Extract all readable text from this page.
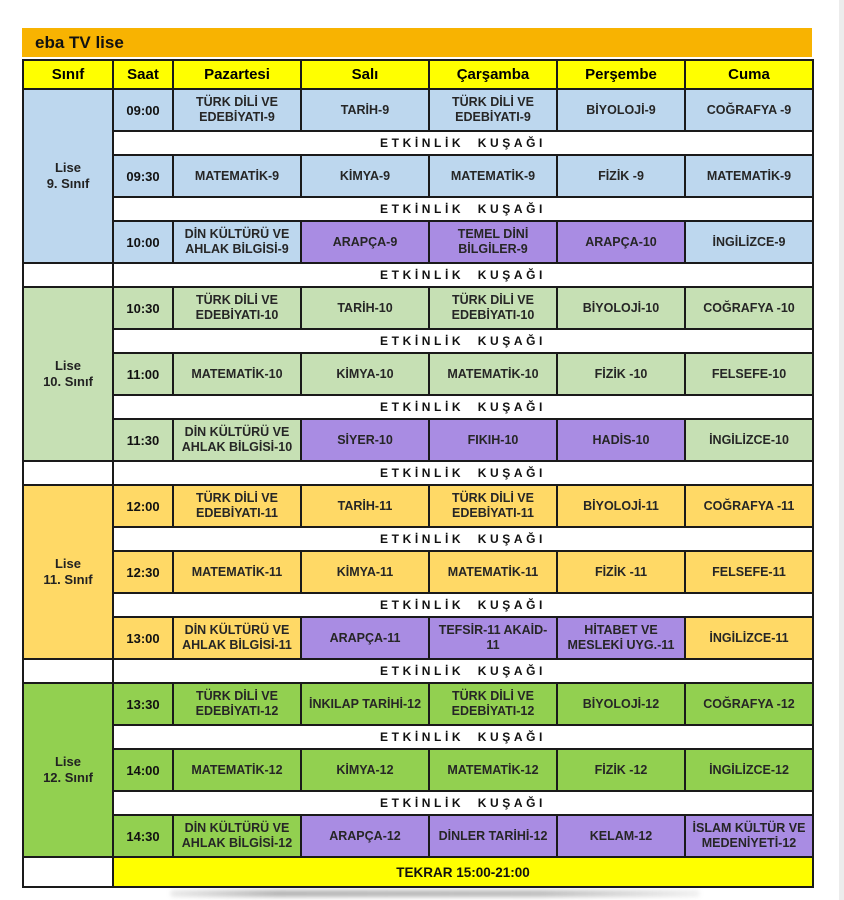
eba TV lise
Sınıf	Saat	Pazartesi	Salı	Çarşamba	Perşembe	Cuma

Lise
9. Sınıf	09:00	TÜRK DİLİ VE EDEBİYATI-9	TARİH-9	TÜRK DİLİ VE EDEBİYATI-9	BİYOLOJİ-9	COĞRAFYA -9
	ETKİNLİK KUŞAĞI					
	09:30	MATEMATİK-9	KİMYA-9	MATEMATİK-9	FİZİK -9	MATEMATİK-9
	ETKİNLİK KUŞAĞI					
	10:00	DİN KÜLTÜRÜ VE AHLAK BİLGİSİ-9	ARAPÇA-9	TEMEL DİNİ BİLGİLER-9	ARAPÇA-10	İNGİLİZCE-9
	ETKİNLİK KUŞAĞI					

Lise
10. Sınıf	10:30	TÜRK DİLİ VE EDEBİYATI-10	TARİH-10	TÜRK DİLİ VE EDEBİYATI-10	BİYOLOJİ-10	COĞRAFYA -10
	ETKİNLİK KUŞAĞI					
	11:00	MATEMATİK-10	KİMYA-10	MATEMATİK-10	FİZİK -10	FELSEFE-10
	ETKİNLİK KUŞAĞI					
	11:30	DİN KÜLTÜRÜ VE AHLAK BİLGİSİ-10	SİYER-10	FIKIH-10	HADİS-10	İNGİLİZCE-10
	ETKİNLİK KUŞAĞI					

Lise
11. Sınıf	12:00	TÜRK DİLİ VE EDEBİYATI-11	TARİH-11	TÜRK DİLİ VE EDEBİYATI-11	BİYOLOJİ-11	COĞRAFYA -11
	ETKİNLİK KUŞAĞI					
	12:30	MATEMATİK-11	KİMYA-11	MATEMATİK-11	FİZİK -11	FELSEFE-11
	ETKİNLİK KUŞAĞI					
	13:00	DİN KÜLTÜRÜ VE AHLAK BİLGİSİ-11	ARAPÇA-11	TEFSİR-11 AKAİD-11	HİTABET VE MESLEKİ UYG.-11	İNGİLİZCE-11
	ETKİNLİK KUŞAĞI					

Lise
12. Sınıf	13:30	TÜRK DİLİ VE EDEBİYATI-12	İNKILAP TARİHİ-12	TÜRK DİLİ VE EDEBİYATI-12	BİYOLOJİ-12	COĞRAFYA -12
	ETKİNLİK KUŞAĞI					
	14:00	MATEMATİK-12	KİMYA-12	MATEMATİK-12	FİZİK -12	İNGİLİZCE-12
	ETKİNLİK KUŞAĞI					
	14:30	DİN KÜLTÜRÜ VE AHLAK BİLGİSİ-12	ARAPÇA-12	DİNLER TARİHİ-12	KELAM-12	İSLAM KÜLTÜR VE MEDENİYETİ-12
	TEKRAR 15:00-21:00					
